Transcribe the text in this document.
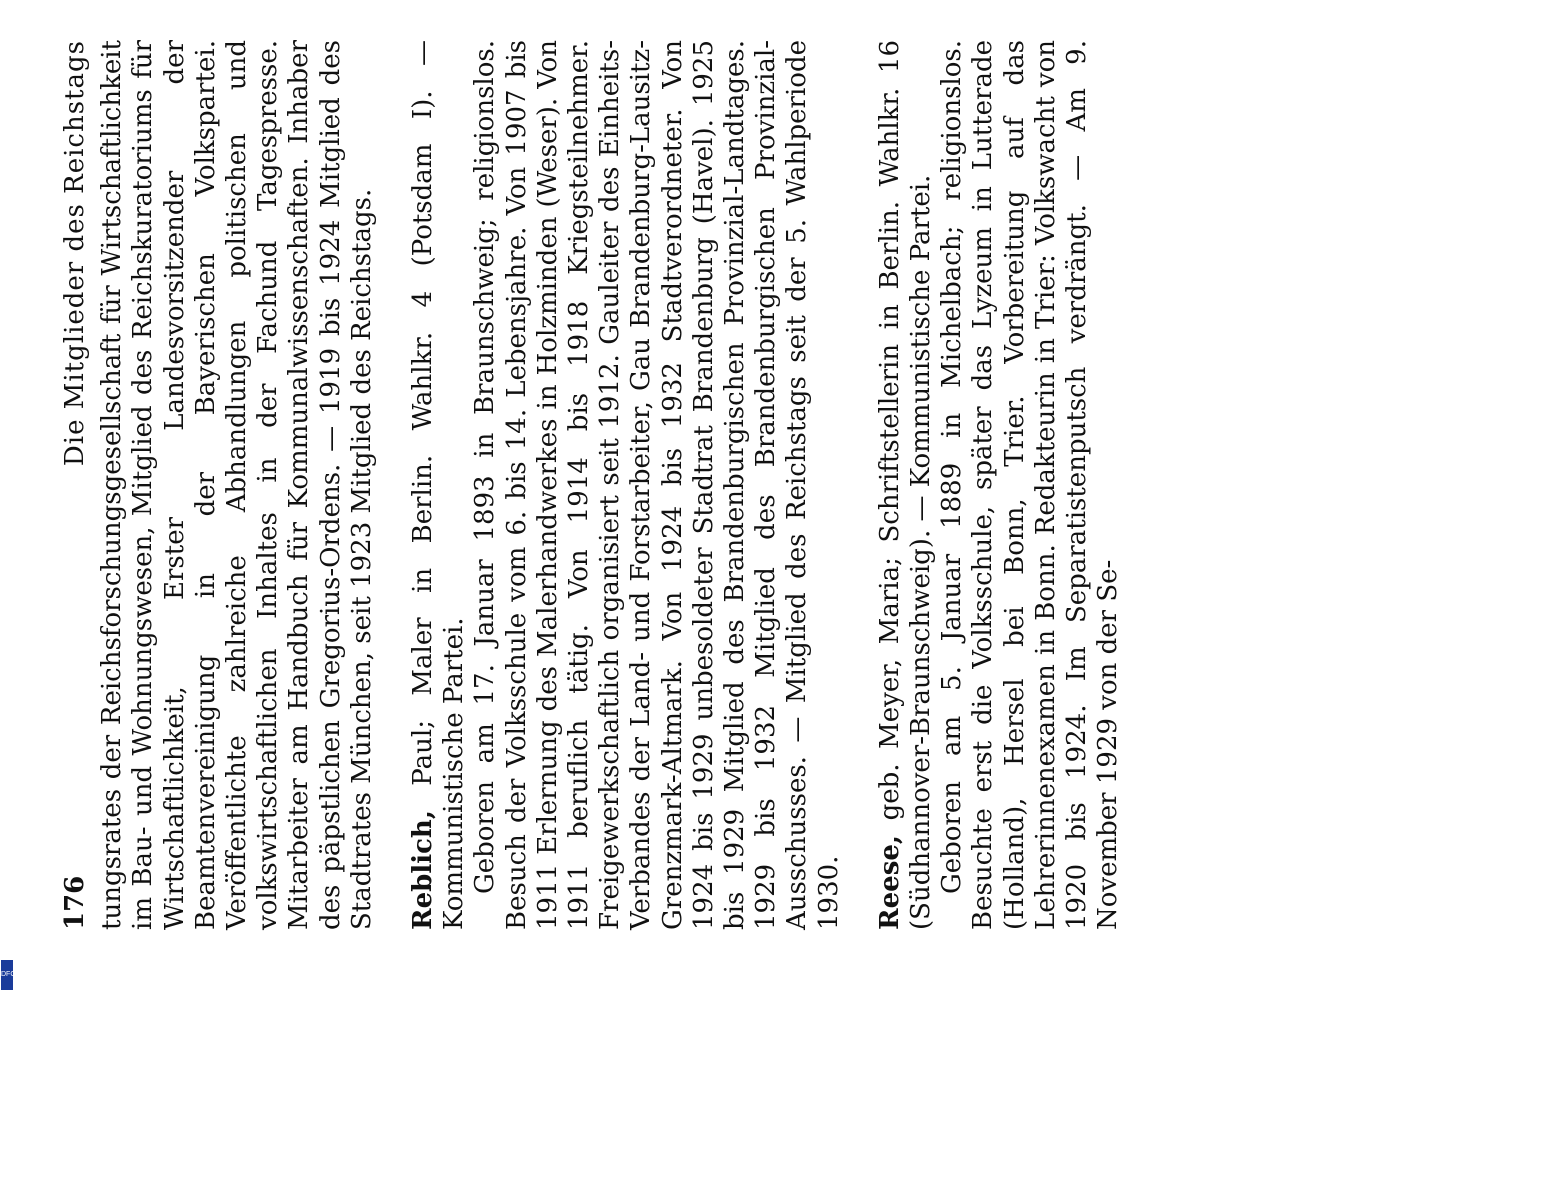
176
Die Mitglieder des Reichstags tungsrates der Reichsforschungsgesellschaft für Wirtschaftlichkeit im Bau- und Wohnungswesen, Mitglied des Reichskuratoriums für Wirtschaftlichkeit, Erster Landesvorsitzender der Beamtenvereinigung in der Bayerischen Volkspartei. Veröffentlichte zahlreiche Abhandlungen politischen und volkswirtschaftlichen Inhaltes in der Fachund Tagespresse. Mitarbeiter am Handbuch für Kommunalwissenschaften. Inhaber des päpstlichen Gregorius-Ordens. — 1919 bis 1924 Mitglied des Stadtrates München, seit 1923 Mitglied des Reichstags. Reblich, Paul; Maler in Berlin. Wahlkr. 4 (Potsdam I). — Kommunistische Partei. Geboren am 17. Januar 1893 in Braunschweig; religionslos. Besuch der Volksschule vom 6. bis 14. Lebensjahre. Von 1907 bis 1911 Erlernung des Malerhandwerkes in Holzminden (Weser). Von 1911 beruflich tätig. Von 1914 bis 1918 Kriegsteilnehmer. Freigewerkschaftlich organisiert seit 1912. Gauleiter des Einheits-Verbandes der Land- und Forstarbeiter, Gau Brandenburg-Lausitz-Grenzmark-Altmark. Von 1924 bis 1932 Stadtverordneter. Von 1924 bis 1929 unbesoldeter Stadtrat Brandenburg (Havel). 1925 bis 1929 Mitglied des Brandenburgischen Provinzial-Landtages. 1929 bis 1932 Mitglied des Brandenburgischen Provinzial-Ausschusses. — Mitglied des Reichstags seit der 5. Wahlperiode 1930. Reese, geb. Meyer, Maria; Schriftstellerin in Berlin. Wahlkr. 16 (Südhannover-Braunschweig). — Kommunistische Partei. Geboren am 5. Januar 1889 in Michelbach; religionslos. Besuchte erst die Volksschule, später das Lyzeum in Lutterade (Holland), Hersel bei Bonn, Trier. Vorbereitung auf das Lehrerinnenexamen in Bonn. Redakteurin in Trier: Volkswacht von 1920 bis 1924. Im Separatistenputsch verdrängt. — Am 9. November 1929 von der Se-

DFG
